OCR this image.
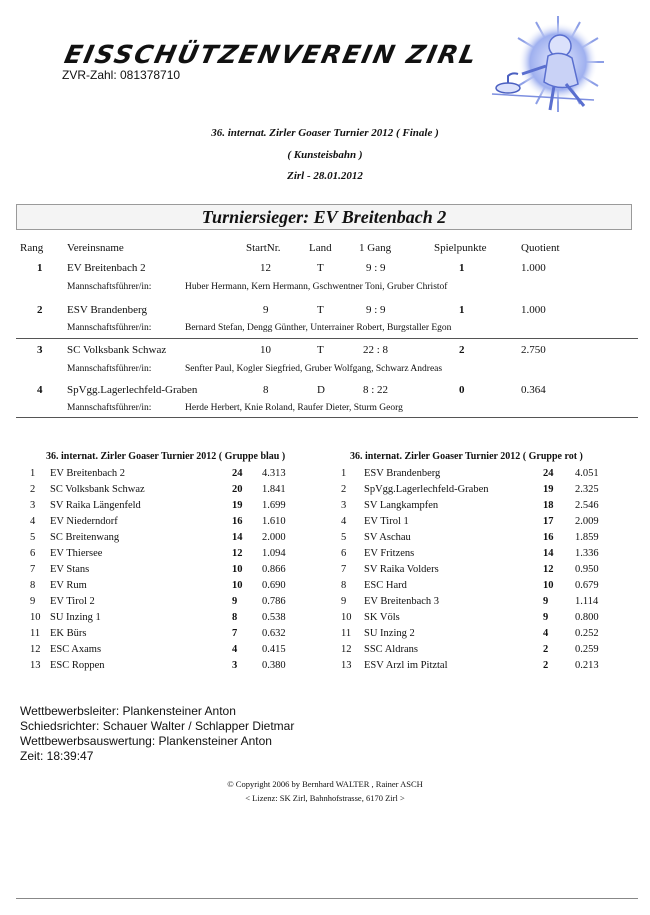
EISSCHÜTZENVEREIN ZIRL
ZVR-Zahl: 081378710
36. internat. Zirler Goaser Turnier 2012 ( Finale )
( Kunsteisbahn )
Zirl - 28.01.2012
Turniersieger: EV Breitenbach 2
Rang Vereinsname	StartNr.	Land 1 Gang	Spielpunkte	Quotient
1 EV Breitenbach 2	12	T	9 : 9	1	1.000
Mannschaftsführer/in:	Huber Hermann, Kern Hermann, Gschwentner Toni, Gruber Christof
2 ESV Brandenberg	9	T	9 : 9	1	1.000
Mannschaftsführer/in:	Bernard Stefan, Dengg Günther, Unterrainer Robert, Burgstaller Egon
3 SC Volksbank Schwaz	10	T	22 : 8	2	2.750
Mannschaftsführer/in:	Senfter Paul, Kogler Siegfried, Gruber Wolfgang, Schwarz Andreas
4 SpVgg.Lagerlechfeld-Graben	8	D	8 : 22	0	0.364
Mannschaftsführer/in:	Herde Herbert, Knie Roland, Raufer Dieter, Sturm Georg
36. internat. Zirler Goaser Turnier 2012 ( Gruppe blau )	36. internat. Zirler Goaser Turnier 2012 ( Gruppe rot )
1 EV Breitenbach 2	24 4.313
2 SC Volksbank Schwaz	20 1.841
3 SV Raika Längenfeld	19 1.699
4 EV Niederndorf	16 1.610
5 SC Breitenwang	14 2.000
6 EV Thiersee	12 1.094
7 EV Stans	10 0.866
8 EV Rum	10 0.690
9 EV Tirol 2	9 0.786
10 SU Inzing 1	8 0.538
11 EK Bürs	7 0.632
12 ESC Axams	4 0.415
13 ESC Roppen	3 0.380
1 ESV Brandenberg	24 4.051
2 SpVgg.Lagerlechfeld-Graben	19 2.325
3 SV Langkampfen	18 2.546
4 EV Tirol 1	17 2.009
5 SV Aschau	16 1.859
6 EV Fritzens	14 1.336
7 SV Raika Volders	12 0.950
8 ESC Hard	10 0.679
9 EV Breitenbach 3	9	1.114
10 SK Völs	9	0.800
11 SU Inzing 2	4	0.252
12 SSC Aldrans	2	0.259
13 ESV Arzl im Pitztal	2	0.213
Wettbewerbsleiter: Plankensteiner Anton
Schiedsrichter: Schauer Walter / Schlapper Dietmar
Wettbewerbsauswertung: Plankensteiner Anton
Zeit: 18:39:47
© Copyright 2006 by Bernhard WALTER , Rainer ASCH
< Lizenz: SK Zirl, Bahnhofstrasse, 6170 Zirl >
